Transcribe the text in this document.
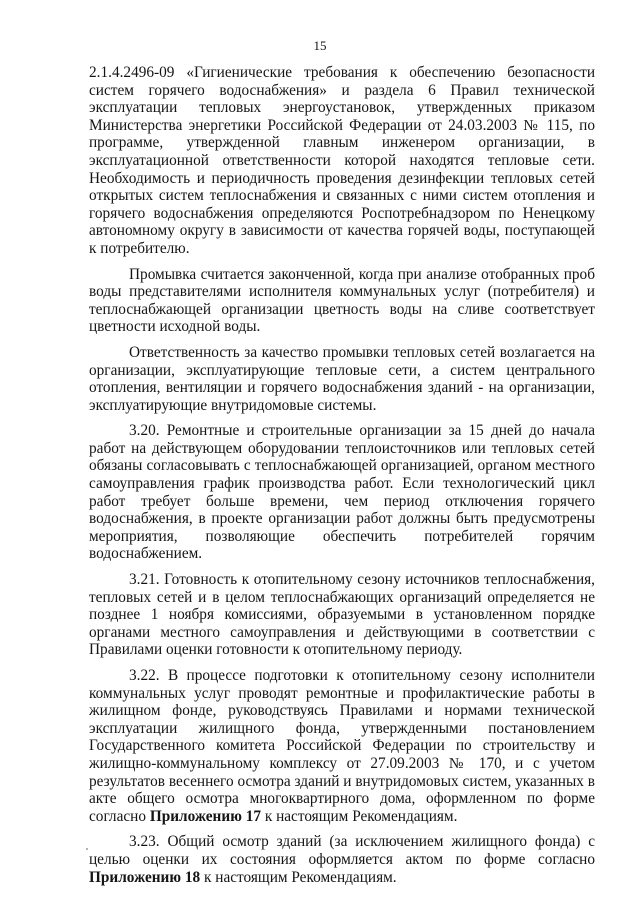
15
2.1.4.2496-09 «Гигиенические требования к обеспечению безопасности
систем горячего водоснабжения» и раздела 6 Правил технической
эксплуатации тепловых энергоустановок, утвержденных приказом
Министерства энергетики Российской Федерации от 24.03.2003 № 115, по
программе, утвержденной главным инженером организации, в
эксплуатационной ответственности которой находятся тепловые сети.
Необходимость и периодичность проведения дезинфекции тепловых сетей
открытых систем теплоснабжения и связанных с ними систем отопления и
горячего водоснабжения определяются Роспотребнадзором по Ненецкому
автономному округу в зависимости от качества горячей воды, поступающей
к потребителю.
Промывка считается законченной, когда при анализе отобранных проб
воды представителями исполнителя коммунальных услуг (потребителя) и
теплоснабжающей организации цветность воды на сливе соответствует
цветности исходной воды.
Ответственность за качество промывки тепловых сетей возлагается на
организации, эксплуатирующие тепловые сети, а систем центрального
отопления, вентиляции и горячего водоснабжения зданий - на организации,
эксплуатирующие внутридомовые системы.
3.20. Ремонтные и строительные организации за 15 дней до начала
работ на действующем оборудовании теплоисточников или тепловых сетей
обязаны согласовывать с теплоснабжающей организацией, органом местного
самоуправления график производства работ. Если технологический цикл
работ требует больше времени, чем период отключения горячего
водоснабжения, в проекте организации работ должны быть предусмотрены
мероприятия, позволяющие обеспечить потребителей горячим
водоснабжением.
3.21. Готовность к отопительному сезону источников теплоснабжения,
тепловых сетей и в целом теплоснабжающих организаций определяется не
позднее 1 ноября комиссиями, образуемыми в установленном порядке
органами местного самоуправления и действующими в соответствии с
Правилами оценки готовности к отопительному периоду.
3.22. В процессе подготовки к отопительному сезону исполнители
коммунальных услуг проводят ремонтные и профилактические работы в
жилищном фонде, руководствуясь Правилами и нормами технической
эксплуатации жилищного фонда, утвержденными постановлением
Государственного комитета Российской Федерации по строительству и
жилищно-коммунальному комплексу от 27.09.2003 № 170, и с учетом
результатов весеннего осмотра зданий и внутридомовых систем, указанных в
акте общего осмотра многоквартирного дома, оформленном по форме
согласно Приложению 17 к настоящим Рекомендациям.
3.23. Общий осмотр зданий (за исключением жилищного фонда) с
целью оценки их состояния оформляется актом по форме согласно
Приложению 18 к настоящим Рекомендациям.
